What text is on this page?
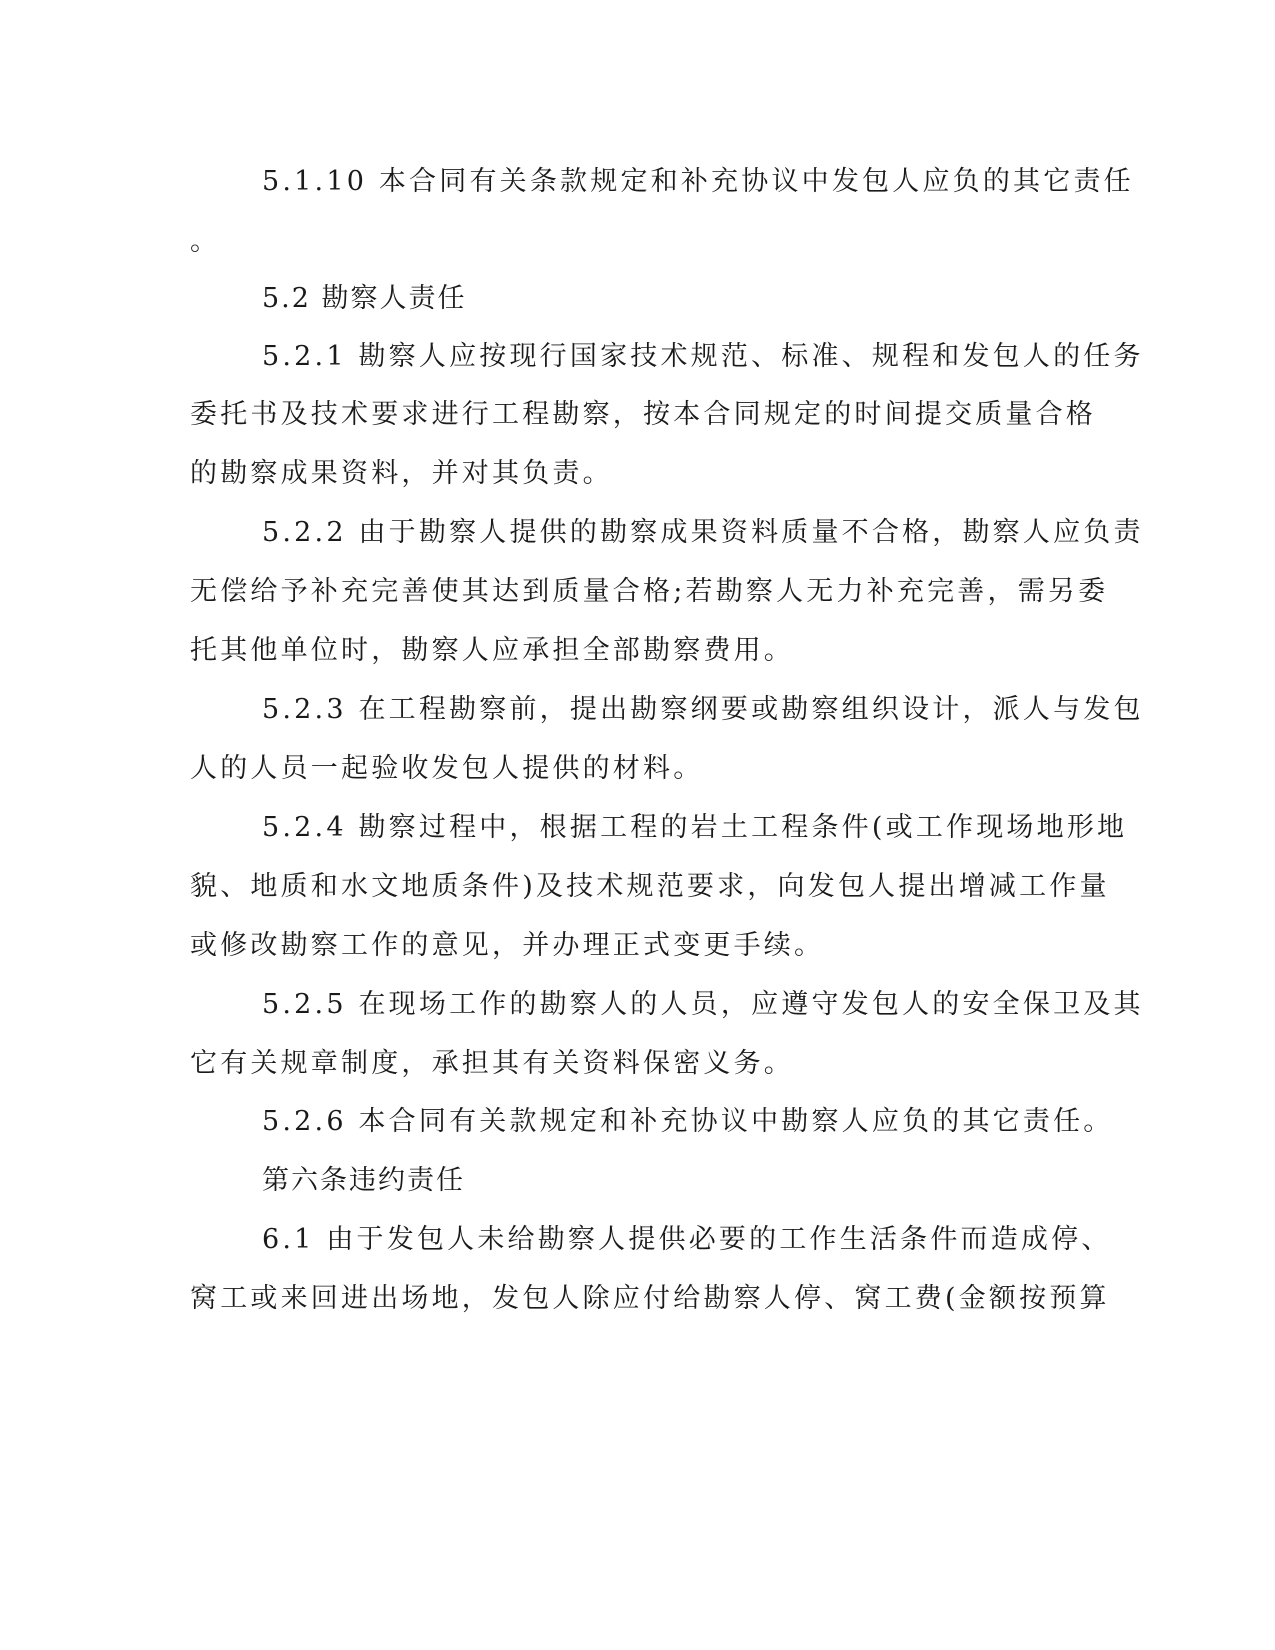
5.1.10 本合同有关条款规定和补充协议中发包人应负的其它责任
。
5.2 勘察人责任
5.2.1 勘察人应按现行国家技术规范、标准、规程和发包人的任务
委托书及技术要求进行工程勘察，按本合同规定的时间提交质量合格
的勘察成果资料，并对其负责。
5.2.2 由于勘察人提供的勘察成果资料质量不合格，勘察人应负责
无偿给予补充完善使其达到质量合格;若勘察人无力补充完善，需另委
托其他单位时，勘察人应承担全部勘察费用。
5.2.3 在工程勘察前，提出勘察纲要或勘察组织设计，派人与发包
人的人员一起验收发包人提供的材料。
5.2.4 勘察过程中，根据工程的岩土工程条件(或工作现场地形地
貌、地质和水文地质条件)及技术规范要求，向发包人提出增减工作量
或修改勘察工作的意见，并办理正式变更手续。
5.2.5 在现场工作的勘察人的人员，应遵守发包人的安全保卫及其
它有关规章制度，承担其有关资料保密义务。
5.2.6 本合同有关款规定和补充协议中勘察人应负的其它责任。
第六条违约责任
6.1 由于发包人未给勘察人提供必要的工作生活条件而造成停、
窝工或来回进出场地，发包人除应付给勘察人停、窝工费(金额按预算
